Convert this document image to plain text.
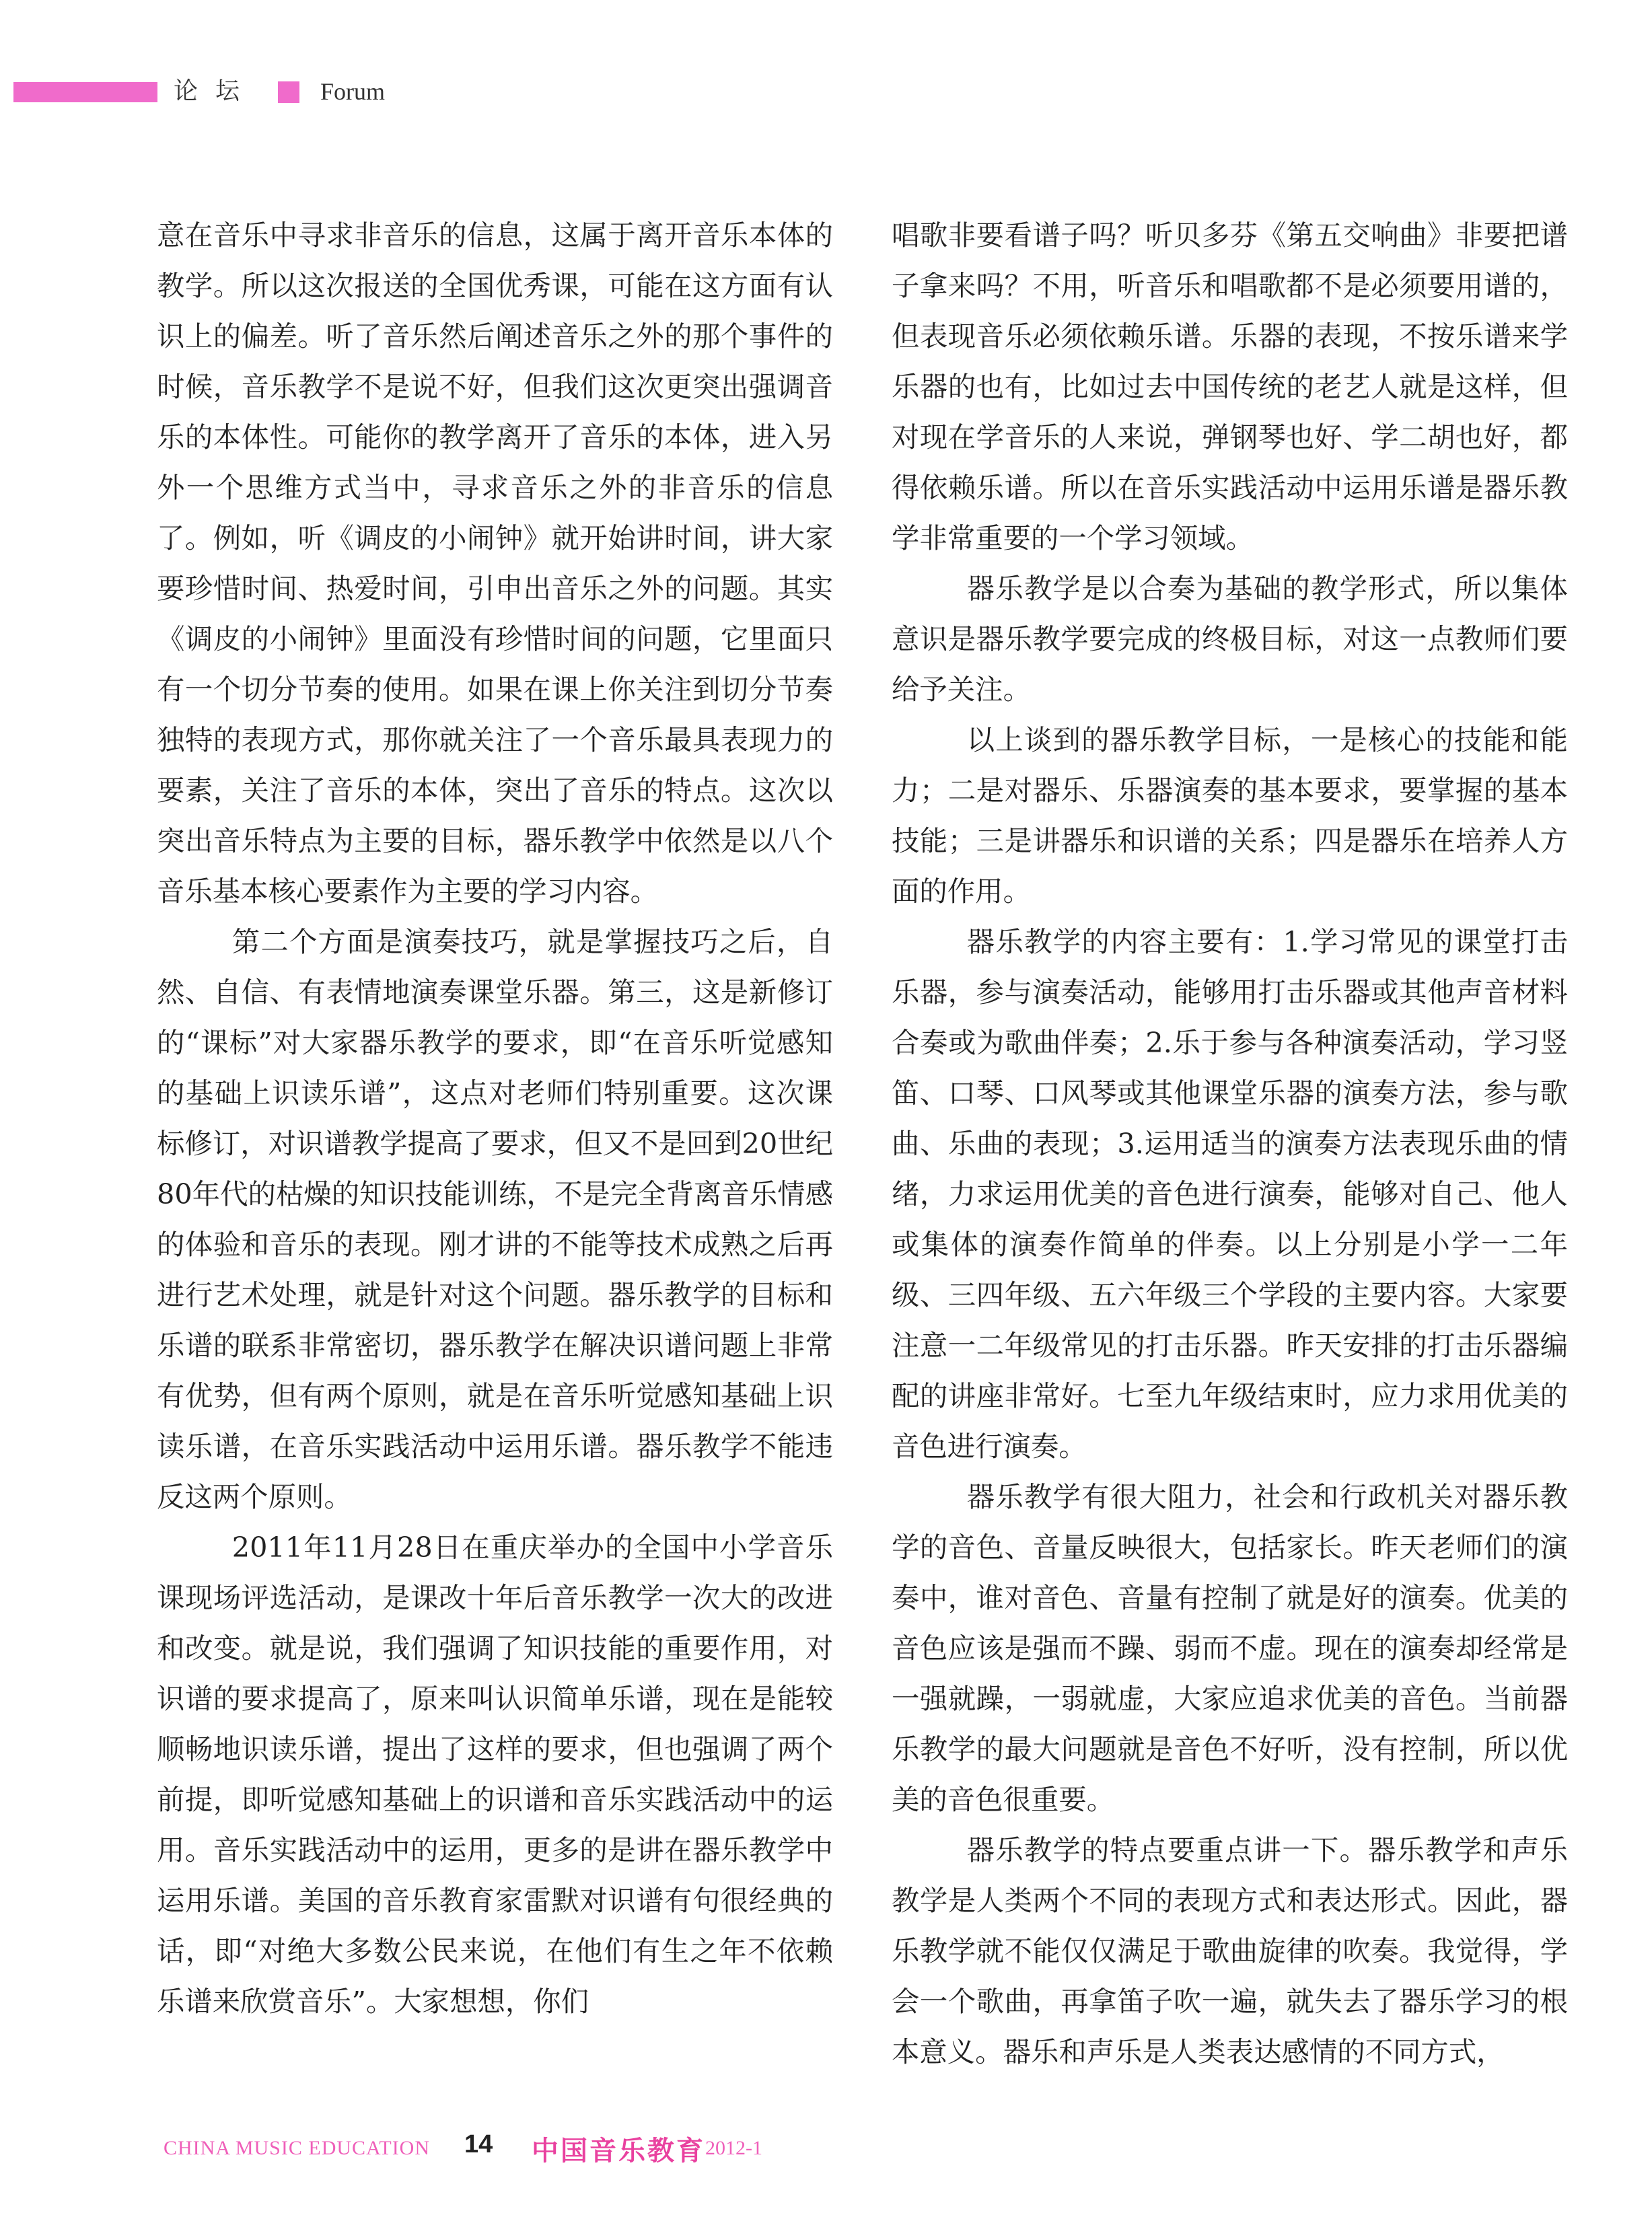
论坛	Forum

意在音乐中寻求非音乐的信息，这属于离开音乐本体的教学。所以这次报送的全国优秀课，可能在这方面有认识上的偏差。听了音乐然后阐述音乐之外的那个事件的时候，音乐教学不是说不好，但我们这次更突出强调音乐的本体性。可能你的教学离开了音乐的本体，进入另外一个思维方式当中，寻求音乐之外的非音乐的信息了。例如，听《调皮的小闹钟》就开始讲时间，讲大家要珍惜时间、热爱时间，引申出音乐之外的问题。其实《调皮的小闹钟》里面没有珍惜时间的问题，它里面只有一个切分节奏的使用。如果在课上你关注到切分节奏独特的表现方式，那你就关注了一个音乐最具表现力的要素，关注了音乐的本体，突出了音乐的特点。这次以突出音乐特点为主要的目标，器乐教学中依然是以八个音乐基本核心要素作为主要的学习内容。

第二个方面是演奏技巧，就是掌握技巧之后，自然、自信、有表情地演奏课堂乐器。第三，这是新修订的“课标”对大家器乐教学的要求，即“在音乐听觉感知的基础上识读乐谱”，这点对老师们特别重要。这次课标修订，对识谱教学提高了要求，但又不是回到20世纪80年代的枯燥的知识技能训练，不是完全背离音乐情感的体验和音乐的表现。刚才讲的不能等技术成熟之后再进行艺术处理，就是针对这个问题。器乐教学的目标和乐谱的联系非常密切，器乐教学在解决识谱问题上非常有优势，但有两个原则，就是在音乐听觉感知基础上识读乐谱，在音乐实践活动中运用乐谱。器乐教学不能违反这两个原则。

2011年11月28日在重庆举办的全国中小学音乐课现场评选活动，是课改十年后音乐教学一次大的改进和改变。就是说，我们强调了知识技能的重要作用，对识谱的要求提高了，原来叫认识简单乐谱，现在是能较顺畅地识读乐谱，提出了这样的要求，但也强调了两个前提，即听觉感知基础上的识谱和音乐实践活动中的运用。音乐实践活动中的运用，更多的是讲在器乐教学中运用乐谱。美国的音乐教育家雷默对识谱有句很经典的话，即“对绝大多数公民来说，在他们有生之年不依赖乐谱来欣赏音乐”。大家想想，你们

唱歌非要看谱子吗？听贝多芬《第五交响曲》非要把谱子拿来吗？不用，听音乐和唱歌都不是必须要用谱的，但表现音乐必须依赖乐谱。乐器的表现，不按乐谱来学乐器的也有，比如过去中国传统的老艺人就是这样，但对现在学音乐的人来说，弹钢琴也好、学二胡也好，都得依赖乐谱。所以在音乐实践活动中运用乐谱是器乐教学非常重要的一个学习领域。

器乐教学是以合奏为基础的教学形式，所以集体意识是器乐教学要完成的终极目标，对这一点教师们要给予关注。

以上谈到的器乐教学目标，一是核心的技能和能力；二是对器乐、乐器演奏的基本要求，要掌握的基本技能；三是讲器乐和识谱的关系；四是器乐在培养人方面的作用。

器乐教学的内容主要有：1.学习常见的课堂打击乐器，参与演奏活动，能够用打击乐器或其他声音材料合奏或为歌曲伴奏；2.乐于参与各种演奏活动，学习竖笛、口琴、口风琴或其他课堂乐器的演奏方法，参与歌曲、乐曲的表现；3.运用适当的演奏方法表现乐曲的情绪，力求运用优美的音色进行演奏，能够对自己、他人或集体的演奏作简单的伴奏。以上分别是小学一二年级、三四年级、五六年级三个学段的主要内容。大家要注意一二年级常见的打击乐器。昨天安排的打击乐器编配的讲座非常好。七至九年级结束时，应力求用优美的音色进行演奏。

器乐教学有很大阻力，社会和行政机关对器乐教学的音色、音量反映很大，包括家长。昨天老师们的演奏中，谁对音色、音量有控制了就是好的演奏。优美的音色应该是强而不躁、弱而不虚。现在的演奏却经常是一强就躁，一弱就虚，大家应追求优美的音色。当前器乐教学的最大问题就是音色不好听，没有控制，所以优美的音色很重要。

器乐教学的特点要重点讲一下。器乐教学和声乐教学是人类两个不同的表现方式和表达形式。因此，器乐教学就不能仅仅满足于歌曲旋律的吹奏。我觉得，学会一个歌曲，再拿笛子吹一遍，就失去了器乐学习的根本意义。器乐和声乐是人类表达感情的不同方式，

CHINA MUSIC EDUCATION 14 中国音乐教育 2012-1
